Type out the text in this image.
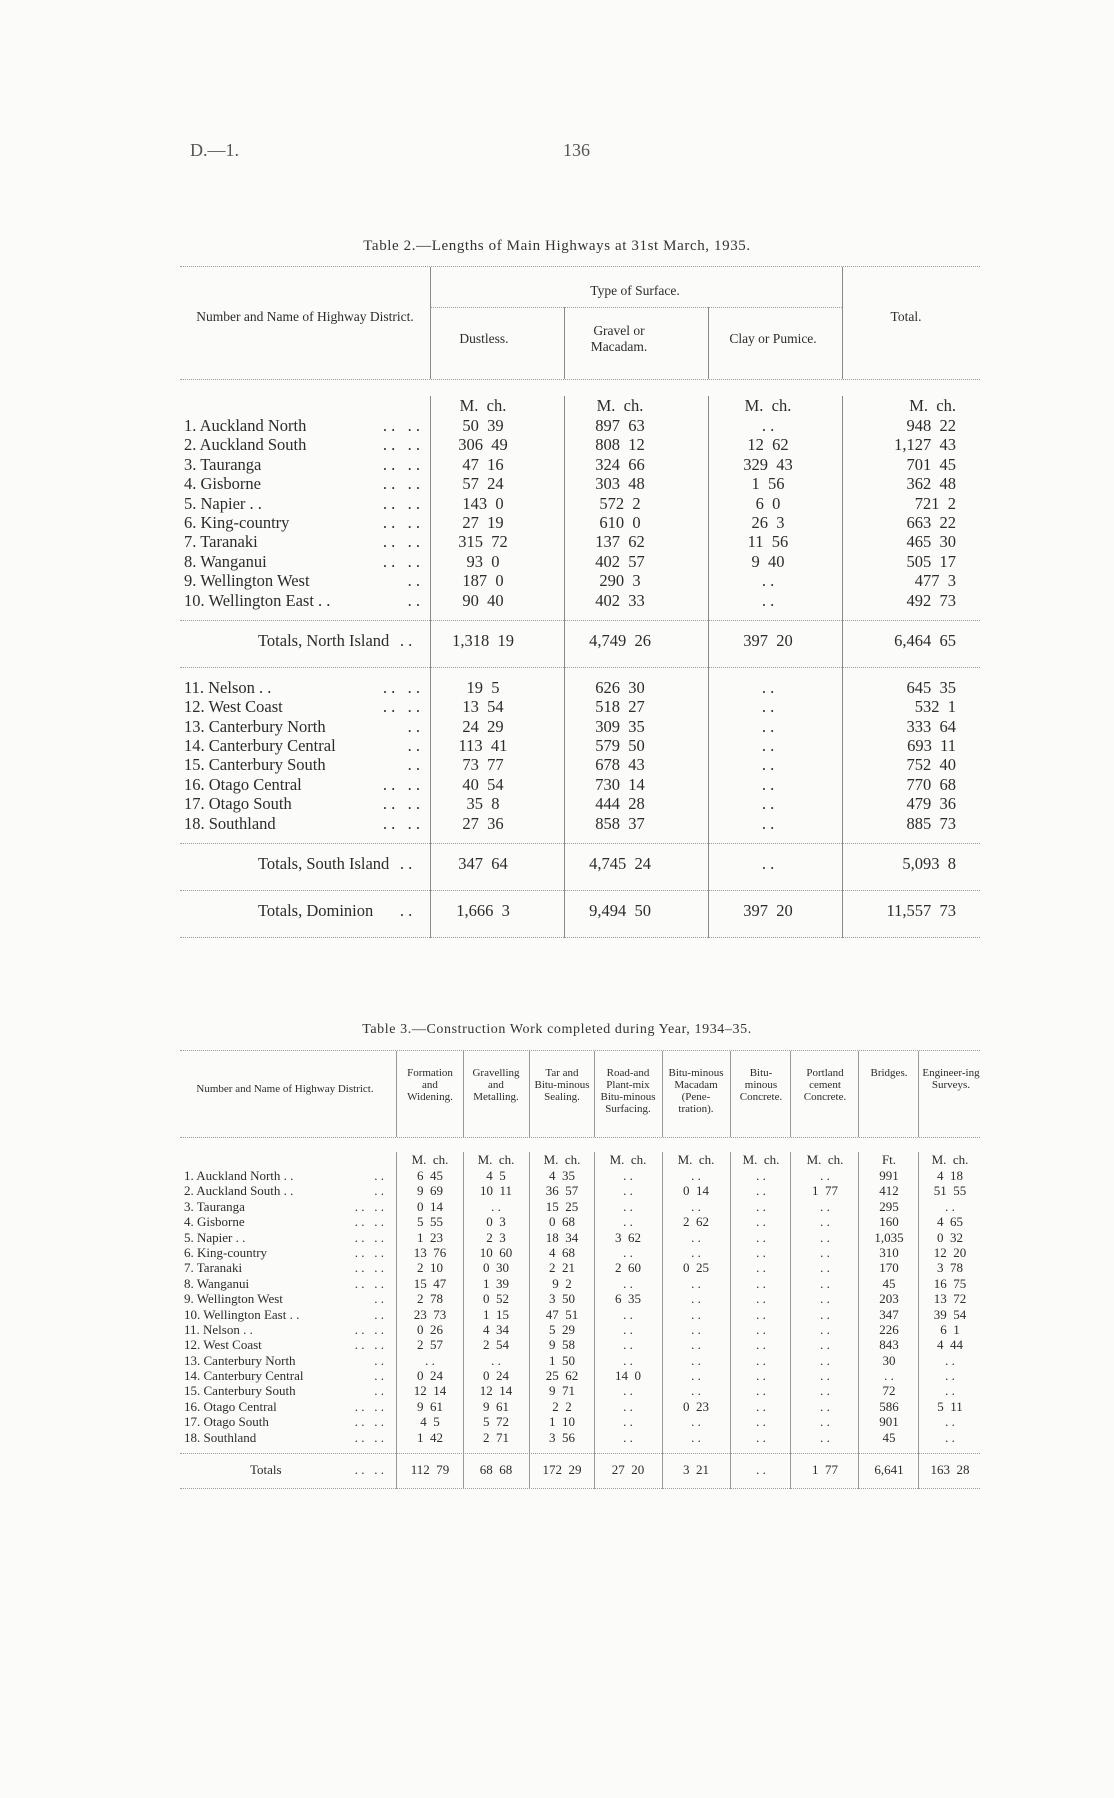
D.—1.	136
Table 2.—Lengths of Main Highways at 31st March, 1935.
Number and Name of Highway District.
Type of Surface.
Dustless.
Gravel or Macadam.
Clay or Pumice.
Total.
M.  ch.	M.  ch.	M.  ch.	M.  ch.
1. Auckland North	. .   . .	50  39	897  63	. .	948  22
2. Auckland South	. .   . .	306  49	808  12	12  62	1,127  43
3. Tauranga	. .   . .	47  16	324  66	329  43	701  45
4. Gisborne	. .   . .	57  24	303  48	1  56	362  48
5. Napier . .	. .   . .	143  0	572  2	6  0	721  2
6. King-country	. .   . .	27  19	610  0	26  3	663  22
7. Taranaki	. .   . .	315  72	137  62	11  56	465  30
8. Wanganui	. .   . .	93  0	402  57	9  40	505  17
9. Wellington West	. .	187  0	290  3	. .	477  3
10. Wellington East . .	. .	90  40	402  33	. .	492  73
Totals, North Island . .	1,318  19	4,749  26	397  20	6,464  65
11. Nelson . .	. .   . .	19  5	626  30	. .	645  35
12. West Coast	. .   . .	13  54	518  27	. .	532  1
13. Canterbury North	. .	24  29	309  35	. .	333  64
14. Canterbury Central	. .	113  41	579  50	. .	693  11
15. Canterbury South	. .	73  77	678  43	. .	752  40
16. Otago Central	. .   . .	40  54	730  14	. .	770  68
17. Otago South	. .   . .	35  8	444  28	. .	479  36
18. Southland	. .   . .	27  36	858  37	. .	885  73
Totals, South Island . .	347  64	4,745  24	. .	5,093  8
Totals, Dominion	. .	1,666  3	9,494  50	397  20	11,557  73
Table 3.—Construction Work completed during Year, 1934–35.
Number and Name of Highway District.
Formation and Widening.
Gravelling and Metalling.
Tar and Bitu-minous Sealing.
Road-and Plant-mix Bitu-minous Surfacing.
Bitu-minous Macadam (Pene-tration).
Bitu-minous Concrete.
Portland cement Concrete.
Bridges.	Engineer-ing Surveys.
M.  ch.	M.  ch.	M.  ch.	M.  ch.	M.  ch.	M.  ch.	M.  ch.	Ft.	M.  ch.
1. Auckland North . .	. .	6  45	4  5	4  35	. .	. .	. .	. .	991	4  18
2. Auckland South . .	. .	9  69	10  11	36  57	. .	0  14	. .	1  77	412	51  55
3. Tauranga	. .   . .	0  14	. .	15  25	. .	. .	. .	. .	295	. .
4. Gisborne	. .   . .	5  55	0  3	0  68	. .	2  62	. .	. .	160	4  65
5. Napier . .	. .   . .	1  23	2  3	18  34	3  62	. .	. .	. .	1,035	0  32
6. King-country	. .   . .	13  76	10  60	4  68	. .	. .	. .	. .	310	12  20
7. Taranaki	. .   . .	2  10	0  30	2  21	2  60	0  25	. .	. .	170	3  78
8. Wanganui	. .   . .	15  47	1  39	9  2	. .	. .	. .	. .	45	16  75
9. Wellington West	. .	2  78	0  52	3  50	6  35	. .	. .	. .	203	13  72
10. Wellington East . .	. .	23  73	1  15	47  51	. .	. .	. .	. .	347	39  54
11. Nelson . .	. .   . .	0  26	4  34	5  29	. .	. .	. .	. .	226	6  1
12. West Coast	. .   . .	2  57	2  54	9  58	. .	. .	. .	. .	843	4  44
13. Canterbury North	. .	. .	. .	1  50	. .	. .	. .	. .	30	. .
14. Canterbury Central	. .	0  24	0  24	25  62	14  0	. .	. .	. .	. .	. .
15. Canterbury South	. .	12  14	12  14	9  71	. .	. .	. .	. .	72	. .
16. Otago Central	. .   . .	9  61	9  61	2  2	. .	0  23	. .	. .	586	5  11
17. Otago South	. .   . .	4  5	5  72	1  10	. .	. .	. .	. .	901	. .
18. Southland	. .   . .	1  42	2  71	3  56	. .	. .	. .	. .	45	. .
Totals	. .   . .	112  79	68  68	172  29	27  20	3  21	. .	1  77	6,641	163  28
